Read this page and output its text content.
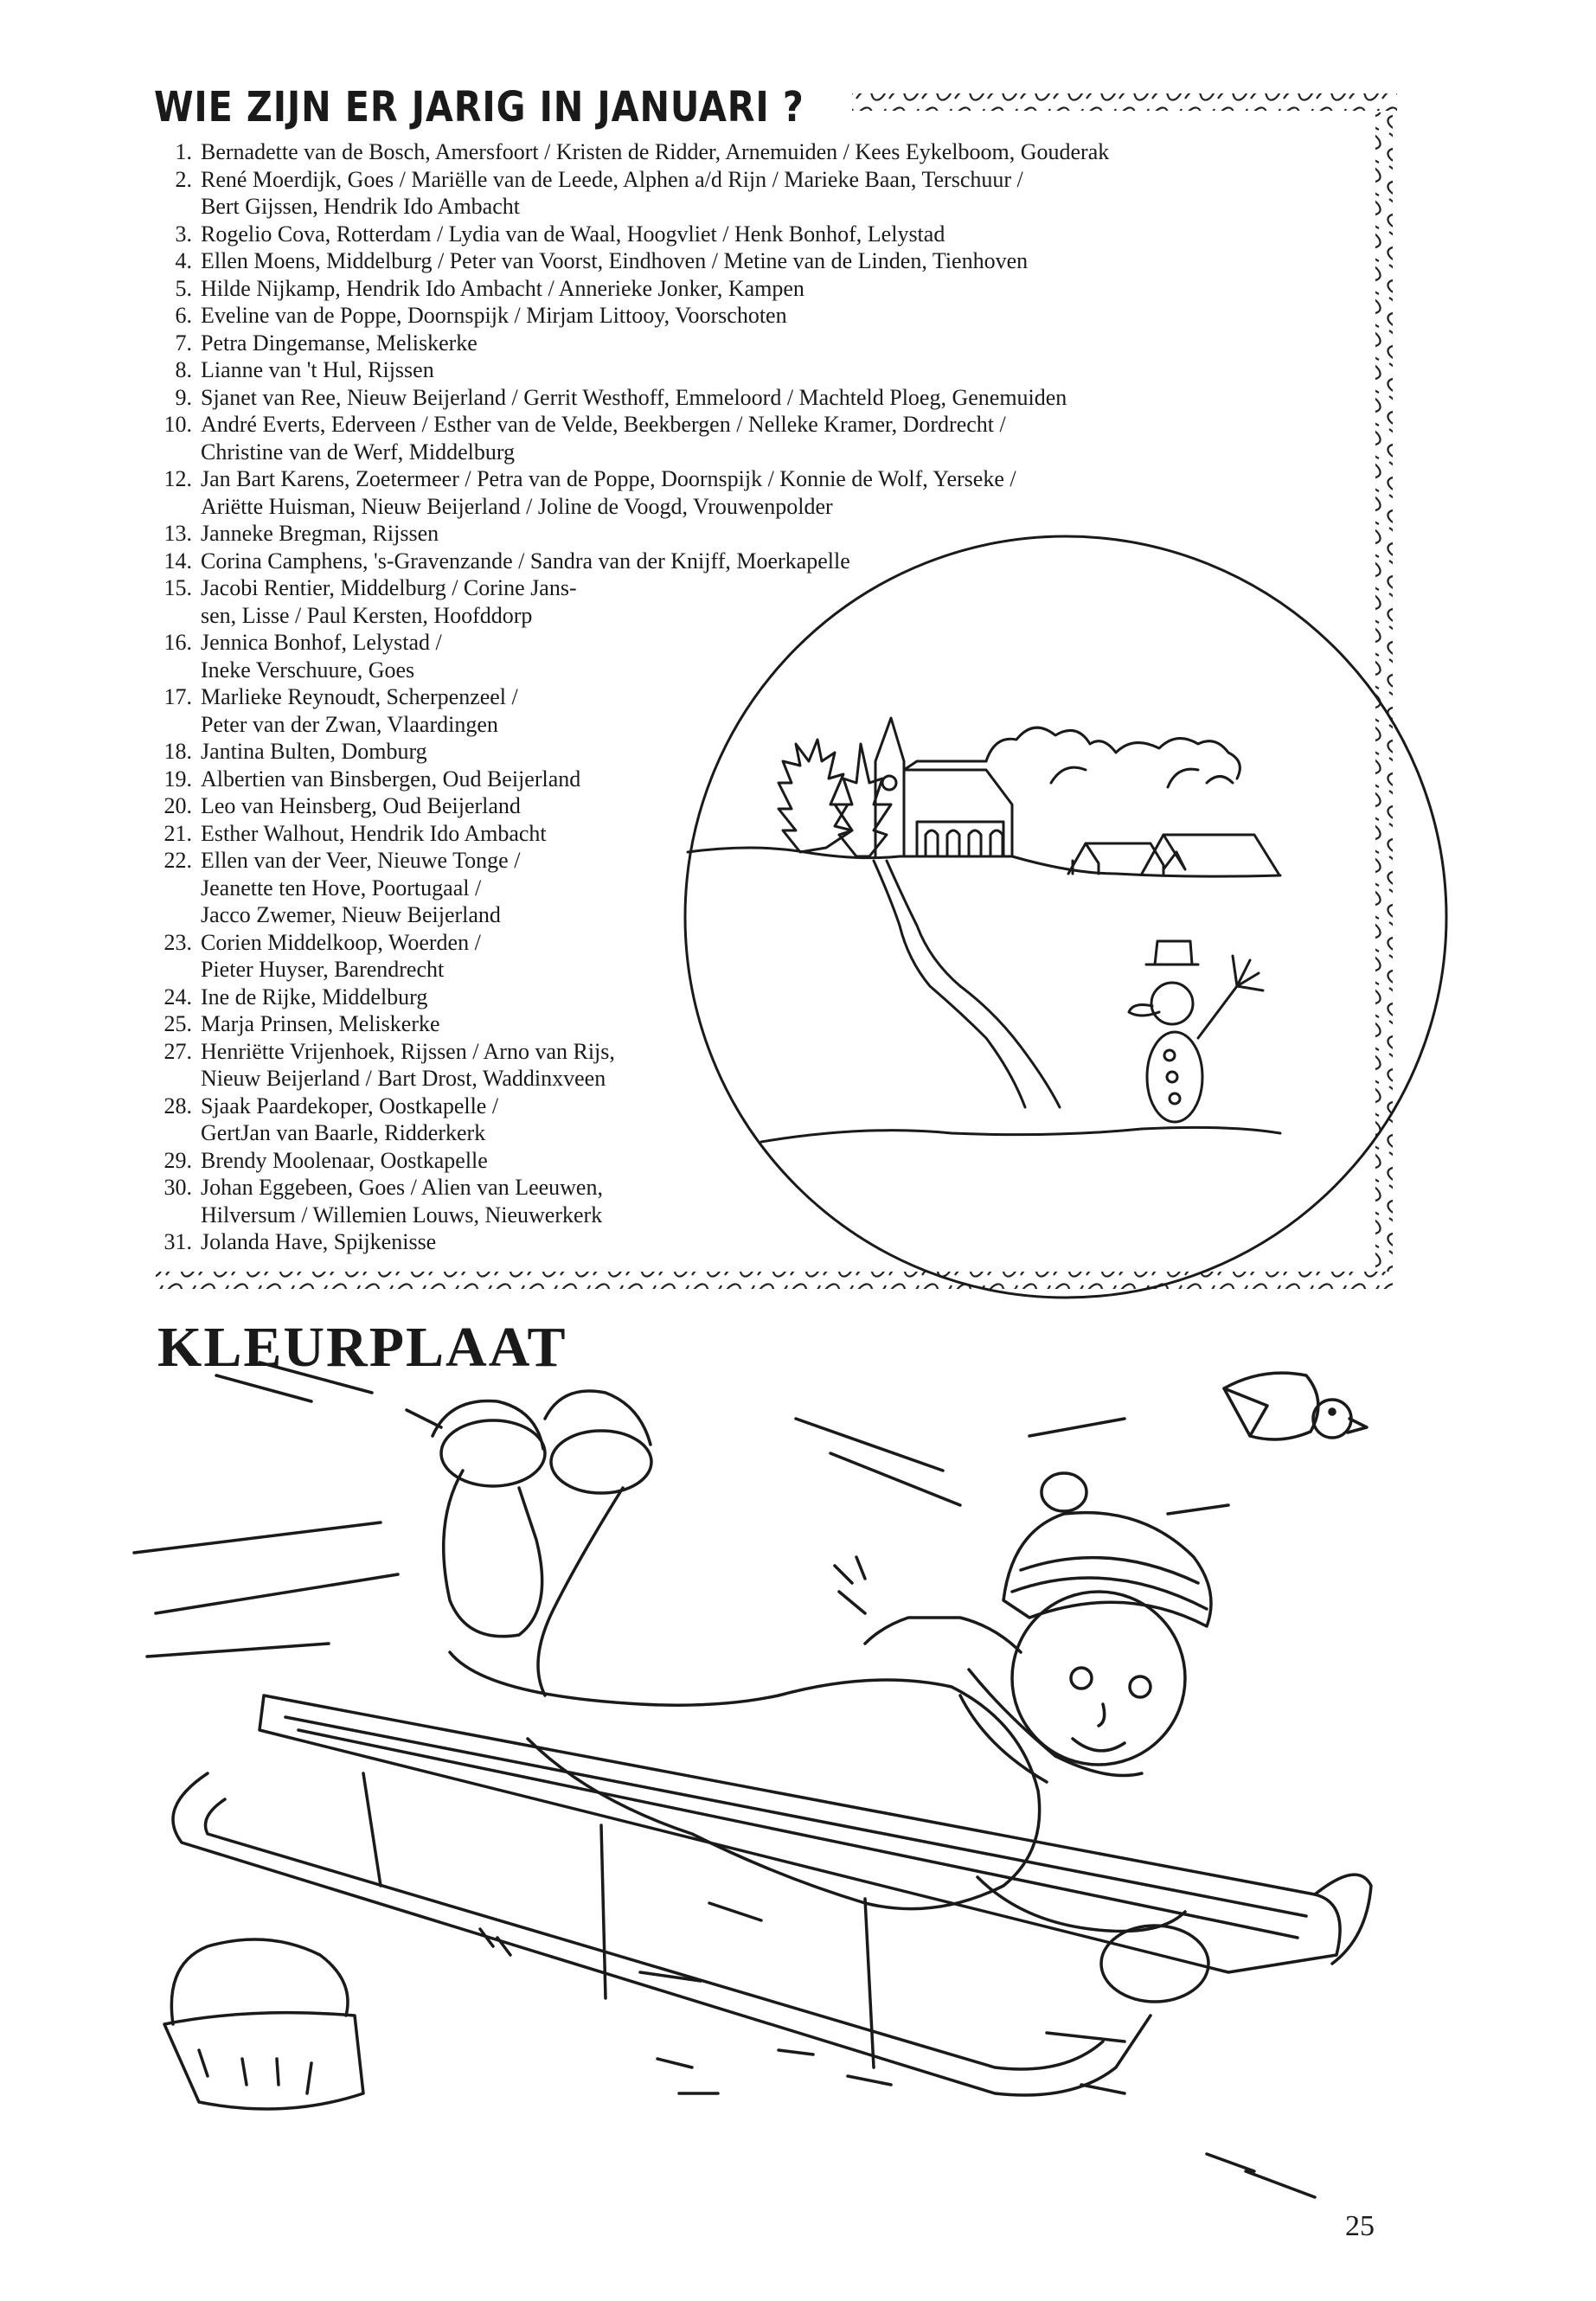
WIE ZIJN ER JARIG IN JANUARI ?
1. Bernadette van de Bosch, Amersfoort / Kristen de Ridder, Arnemuiden / Kees Eykelboom, Gouderak
2. René Moerdijk, Goes / Mariëlle van de Leede, Alphen a/d Rijn / Marieke Baan, Terschuur /
Bert Gijssen, Hendrik Ido Ambacht
3. Rogelio Cova, Rotterdam / Lydia van de Waal, Hoogvliet / Henk Bonhof, Lelystad
4. Ellen Moens, Middelburg / Peter van Voorst, Eindhoven / Metine van de Linden, Tienhoven
5. Hilde Nijkamp, Hendrik Ido Ambacht / Annerieke Jonker, Kampen
6. Eveline van de Poppe, Doornspijk / Mirjam Littooy, Voorschoten
7. Petra Dingemanse, Meliskerke
8. Lianne van 't Hul, Rijssen
9. Sjanet van Ree, Nieuw Beijerland / Gerrit Westhoff, Emmeloord / Machteld Ploeg, Genemuiden
10. André Everts, Ederveen / Esther van de Velde, Beekbergen / Nelleke Kramer, Dordrecht /
Christine van de Werf, Middelburg
12. Jan Bart Karens, Zoetermeer / Petra van de Poppe, Doornspijk / Konnie de Wolf, Yerseke /
Ariëtte Huisman, Nieuw Beijerland / Joline de Voogd, Vrouwenpolder
13. Janneke Bregman, Rijssen
14. Corina Camphens, 's-Gravenzande / Sandra van der Knijff, Moerkapelle
15. Jacobi Rentier, Middelburg / Corine Jans-
sen, Lisse / Paul Kersten, Hoofddorp
16. Jennica Bonhof, Lelystad /
Ineke Verschuure, Goes
17. Marlieke Reynoudt, Scherpenzeel /
Peter van der Zwan, Vlaardingen
18. Jantina Bulten, Domburg
19. Albertien van Binsbergen, Oud Beijerland
20. Leo van Heinsberg, Oud Beijerland
21. Esther Walhout, Hendrik Ido Ambacht
22. Ellen van der Veer, Nieuwe Tonge /
Jeanette ten Hove, Poortugaal /
Jacco Zwemer, Nieuw Beijerland
23. Corien Middelkoop, Woerden /
Pieter Huyser, Barendrecht
24. Ine de Rijke, Middelburg
25. Marja Prinsen, Meliskerke
27. Henriëtte Vrijenhoek, Rijssen / Arno van Rijs,
Nieuw Beijerland / Bart Drost, Waddinxveen
28. Sjaak Paardekoper, Oostkapelle /
GertJan van Baarle, Ridderkerk
29. Brendy Moolenaar, Oostkapelle
30. Johan Eggebeen, Goes / Alien van Leeuwen,
Hilversum / Willemien Louws, Nieuwerkerk
31. Jolanda Have, Spijkenisse
KLEURPLAAT
25
